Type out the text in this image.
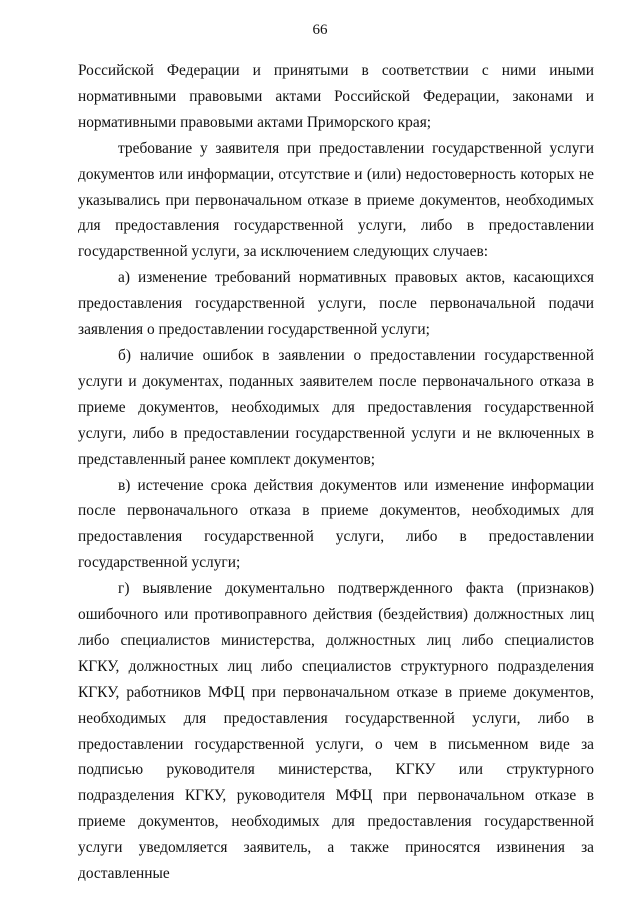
66

Российской Федерации и принятыми в соответствии с ними иными нормативными правовыми актами Российской Федерации, законами и нормативными правовыми актами Приморского края;

требование у заявителя при предоставлении государственной услуги документов или информации, отсутствие и (или) недостоверность которых не указывались при первоначальном отказе в приеме документов, необходимых для предоставления государственной услуги, либо в предоставлении государственной услуги, за исключением следующих случаев:

а) изменение требований нормативных правовых актов, касающихся предоставления государственной услуги, после первоначальной подачи заявления о предоставлении государственной услуги;

б) наличие ошибок в заявлении о предоставлении государственной услуги и документах, поданных заявителем после первоначального отказа в приеме документов, необходимых для предоставления государственной услуги, либо в предоставлении государственной услуги и не включенных в представленный ранее комплект документов;

в) истечение срока действия документов или изменение информации после первоначального отказа в приеме документов, необходимых для предоставления государственной услуги, либо в предоставлении государственной услуги;

г) выявление документально подтвержденного факта (признаков) ошибочного или противоправного действия (бездействия) должностных лиц либо специалистов министерства, должностных лиц либо специалистов КГКУ, должностных лиц либо специалистов структурного подразделения КГКУ, работников МФЦ при первоначальном отказе в приеме документов, необходимых для предоставления государственной услуги, либо в предоставлении государственной услуги, о чем в письменном виде за подписью руководителя министерства, КГКУ или структурного подразделения КГКУ, руководителя МФЦ при первоначальном отказе в приеме документов, необходимых для предоставления государственной услуги уведомляется заявитель, а также приносятся извинения за доставленные
